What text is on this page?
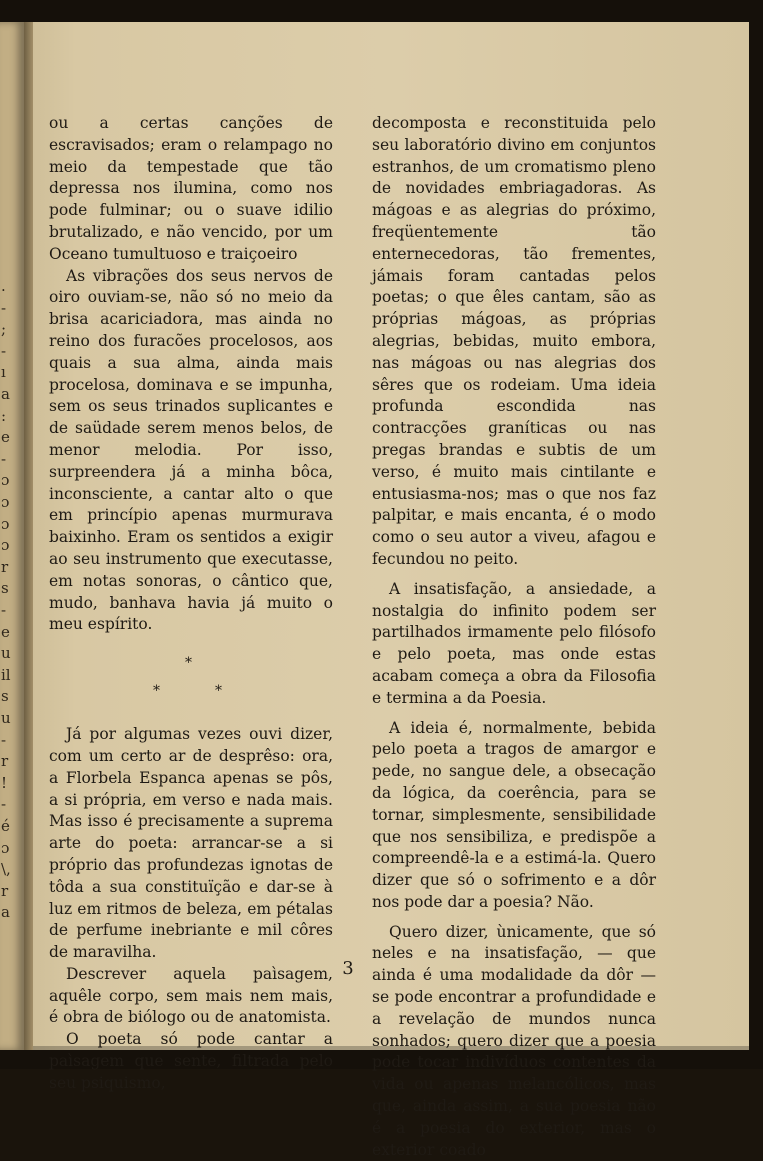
.
-
;
-
ı
a
:
e
-
ɔ
ɔ
ɔ
ɔ
r
s
-
e
u
il
s
u
-
r
!
-
é
ɔ
\,
r
a

ou a certas canções de escravisados; eram o relampago no meio da tempestade que tão depressa nos ilumina, como nos pode fulminar; ou o suave idilio brutalizado, e não vencido, por um Oceano tumultuoso e traiçoeiro

As vibrações dos seus nervos de oiro ouviam-se, não só no meio da brisa acariciadora, mas ainda no reino dos furacões procelosos, aos quais a sua alma, ainda mais procelosa, dominava e se impunha, sem os seus trinados suplicantes e de saüdade serem menos belos, de menor melodia. Por isso, surpreendera já a minha bôca, inconsciente, a cantar alto o que em princípio apenas murmurava baixinho. Eram os sentidos a exigir ao seu instrumento que executasse, em notas sonoras, o cântico que, mudo, banhava havia já muito o meu espírito.

*
*	*

Já por algumas vezes ouvi dizer, com um certo ar de desprêso: ora, a Florbela Espanca apenas se pôs, a si própria, em verso e nada mais. Mas isso é precisamente a suprema arte do poeta: arrancar-se a si próprio das profundezas ignotas de tôda a sua constituïção e dar-se à luz em ritmos de beleza, em pétalas de perfume inebriante e mil côres de maravilha.

Descrever aquela paìsagem, aquêle corpo, sem mais nem mais, é obra de biólogo ou de anatomista.

O poeta só pode cantar a paìsagem que sente, filtrada pelo seu psiquismo,

decomposta e reconstituida pelo seu laboratório divino em conjuntos estranhos, de um cromatismo pleno de novidades embriagadoras. As mágoas e as alegrias do próximo, freqüentemente tão enternecedoras, tão frementes, jámais foram cantadas pelos poetas; o que êles cantam, são as próprias mágoas, as próprias alegrias, bebidas, muito embora, nas mágoas ou nas alegrias dos sêres que os rodeiam. Uma ideia profunda escondida nas contracções graníticas ou nas pregas brandas e subtis de um verso, é muito mais cintilante e entusiasma-nos; mas o que nos faz palpitar, e mais encanta, é o modo como o seu autor a viveu, afagou e fecundou no peito.

A insatisfação, a ansiedade, a nostalgia do infinito podem ser partilhados irmamente pelo filósofo e pelo poeta, mas onde estas acabam começa a obra da Filosofia e termina a da Poesia.

A ideia é, normalmente, bebida pelo poeta a tragos de amargor e pede, no sangue dele, a obsecação da lógica, da coerência, para se tornar, simplesmente, sensibilidade que nos sensibiliza, e predispõe a compreendê-la e a estimá-la. Quero dizer que só o sofrimento e a dôr nos pode dar a poesia? Não.

Quero dizer, ùnicamente, que só neles e na insatisfação, — que ainda é uma modalidade da dôr — se pode encontrar a profundidade e a revelação de mundos nunca sonhados; quero dizer que a poesia pode tocar indivíduos contentes da vida ou apenas melancólicos, mas que, ainda assim, a sua poesia não é a poesia do exterior, mas o exterior coado

3
